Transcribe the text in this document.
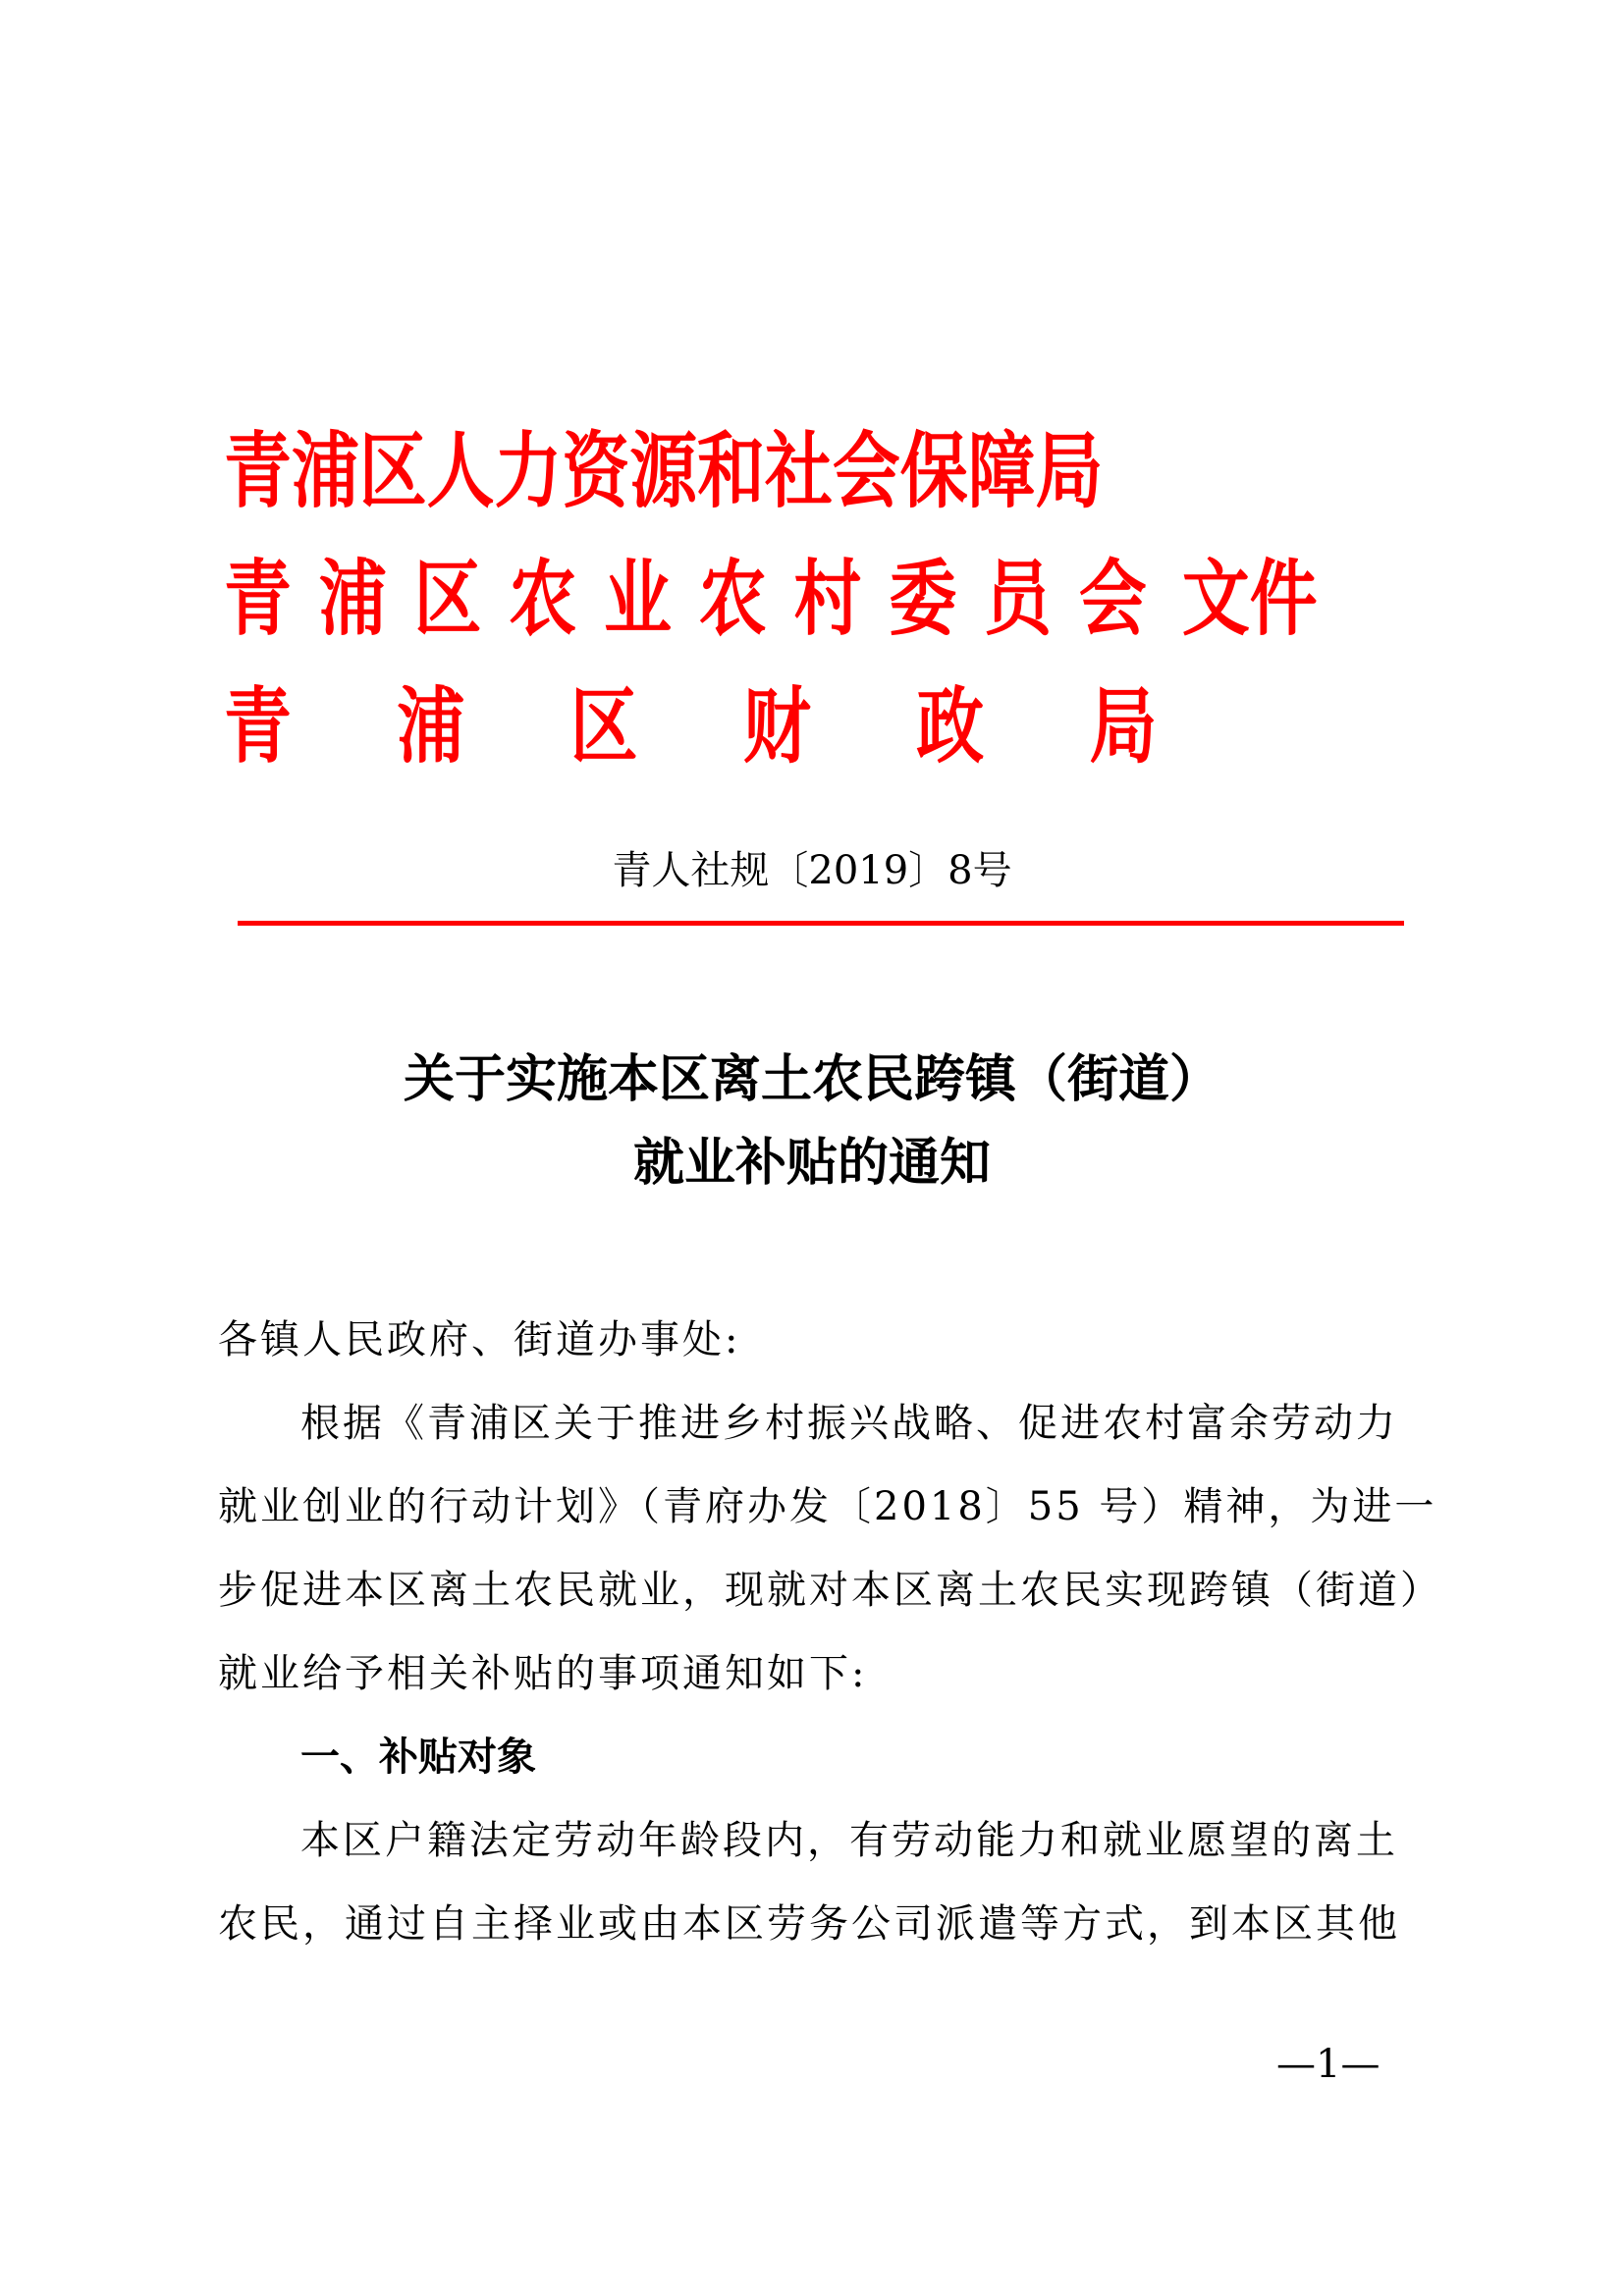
青浦区人力资源和社会保障局
青浦区农业农村委员会文件
青浦区财政局
青人社规〔2019〕8号
关于实施本区离土农民跨镇（街道）
就业补贴的通知
各镇人民政府、街道办事处:
根据《青浦区关于推进乡村振兴战略、促进农村富余劳动力
就业创业的行动计划》（青府办发〔2018〕55 号）精神，为进一
步促进本区离土农民就业，现就对本区离土农民实现跨镇（街道）
就业给予相关补贴的事项通知如下:
一、补贴对象
本区户籍法定劳动年龄段内，有劳动能力和就业愿望的离土
农民，通过自主择业或由本区劳务公司派遣等方式，到本区其他
—1—
